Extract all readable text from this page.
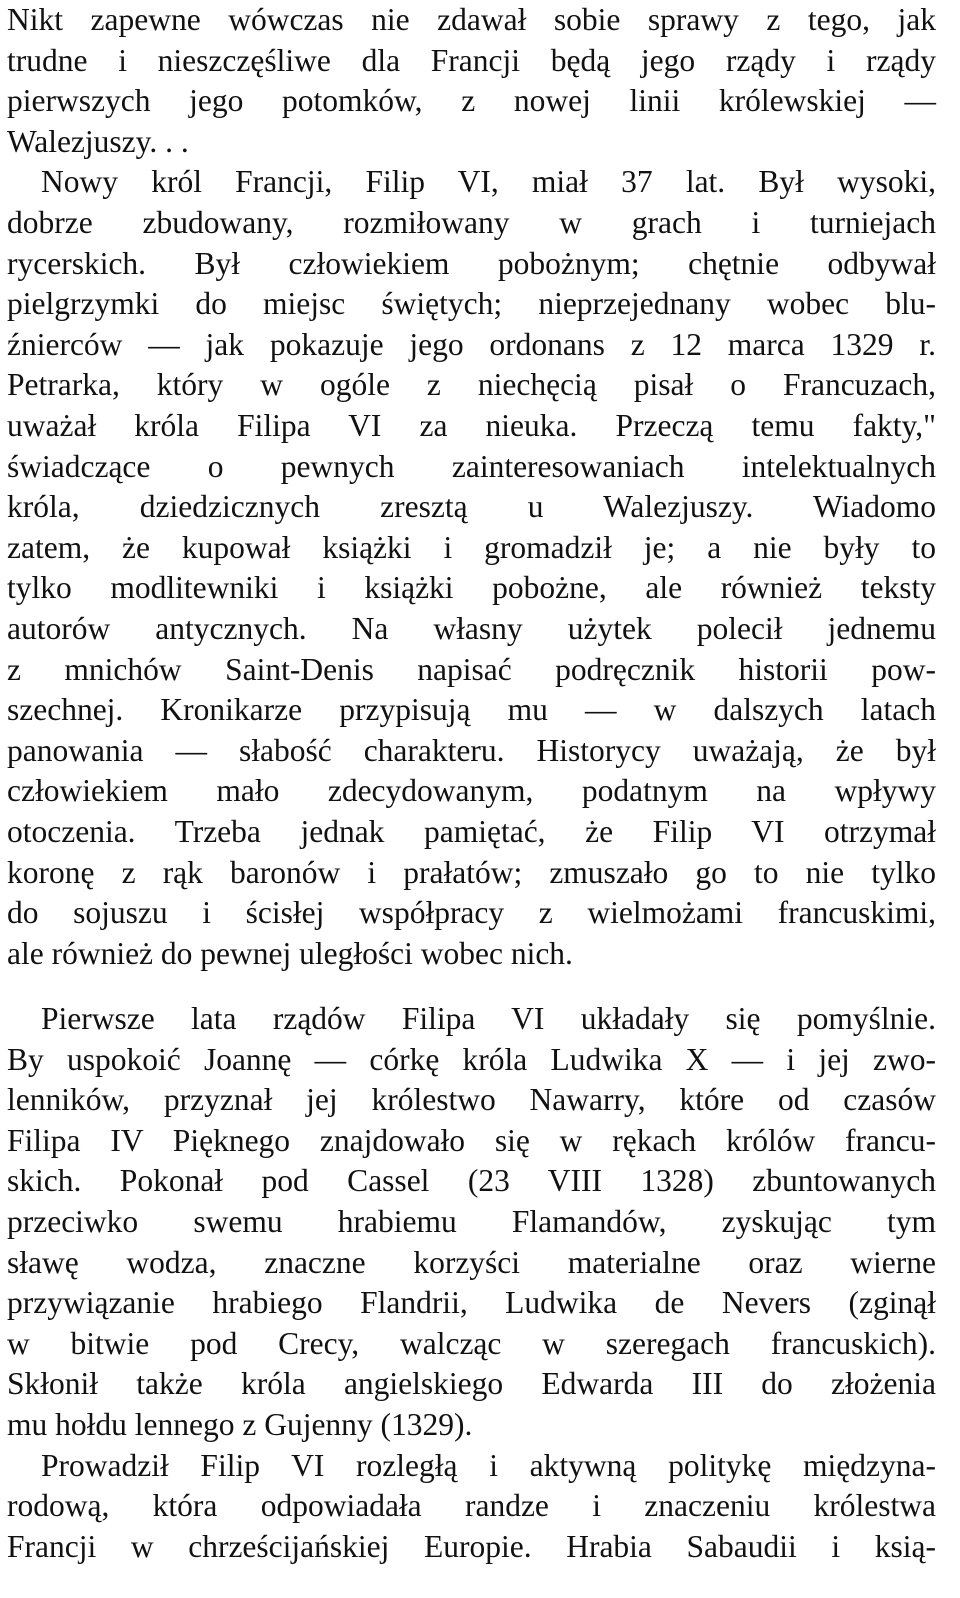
Nikt zapewne wówczas nie zdawał sobie sprawy z tego, jak
trudne i nieszczęśliwe dla Francji będą jego rządy i rządy
pierwszych jego potomków, z nowej linii królewskiej —
Walezjuszy. . .
Nowy król Francji, Filip VI, miał 37 lat. Był wysoki,
dobrze zbudowany, rozmiłowany w grach i turniejach
rycerskich. Był człowiekiem pobożnym; chętnie odbywał
pielgrzymki do miejsc świętych; nieprzejednany wobec blu-
źnierców — jak pokazuje jego ordonans z 12 marca 1329 r.
Petrarka, który w ogóle z niechęcią pisał o Francuzach,
uważał króla Filipa VI za nieuka. Przeczą temu fakty,"
świadczące o pewnych zainteresowaniach intelektualnych
króla, dziedzicznych zresztą u Walezjuszy. Wiadomo
zatem, że kupował książki i gromadził je; a nie były to
tylko modlitewniki i książki pobożne, ale również teksty
autorów antycznych. Na własny użytek polecił jednemu
z mnichów Saint-Denis napisać podręcznik historii pow-
szechnej. Kronikarze przypisują mu — w dalszych latach
panowania — słabość charakteru. Historycy uważają, że był
człowiekiem mało zdecydowanym, podatnym na wpływy
otoczenia. Trzeba jednak pamiętać, że Filip VI otrzymał
koronę z rąk baronów i prałatów; zmuszało go to nie tylko
do sojuszu i ścisłej współpracy z wielmożami francuskimi,
ale również do pewnej uległości wobec nich.
Pierwsze lata rządów Filipa VI układały się pomyślnie.
By uspokoić Joannę — córkę króla Ludwika X — i jej zwo-
lenników, przyznał jej królestwo Nawarry, które od czasów
Filipa IV Pięknego znajdowało się w rękach królów francu-
skich. Pokonał pod Cassel (23 VIII 1328) zbuntowanych
przeciwko swemu hrabiemu Flamandów, zyskując tym
sławę wodza, znaczne korzyści materialne oraz wierne
przywiązanie hrabiego Flandrii, Ludwika de Nevers (zginął
w bitwie pod Crecy, walcząc w szeregach francuskich).
Skłonił także króla angielskiego Edwarda III do złożenia
mu hołdu lennego z Gujenny (1329).
Prowadził Filip VI rozległą i aktywną politykę międzyna-
rodową, która odpowiadała randze i znaczeniu królestwa
Francji w chrześcijańskiej Europie. Hrabia Sabaudii i ksią-
